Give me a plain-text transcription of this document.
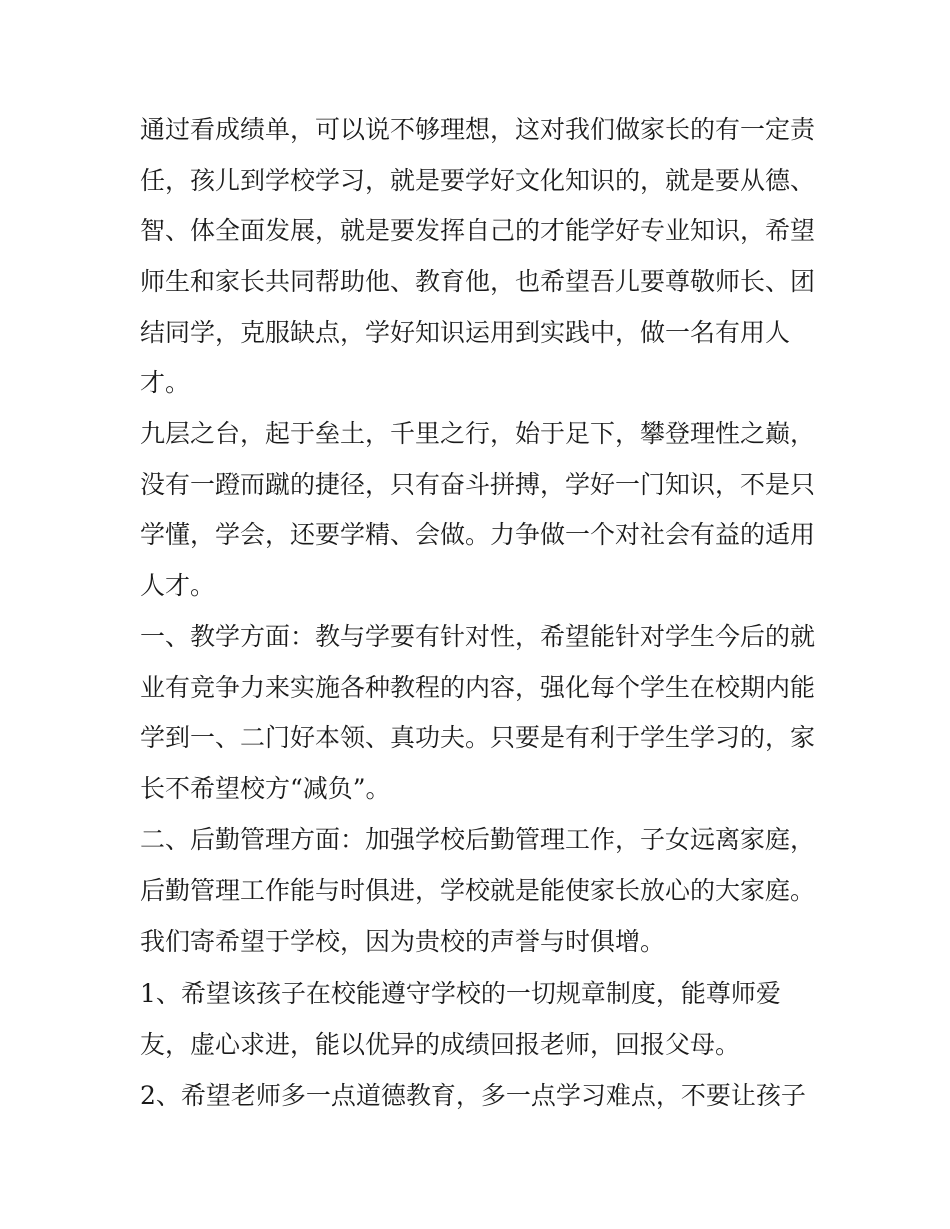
通过看成绩单，可以说不够理想，这对我们做家长的有一定责
任，孩儿到学校学习，就是要学好文化知识的，就是要从德、
智、体全面发展，就是要发挥自己的才能学好专业知识，希望
师生和家长共同帮助他、教育他，也希望吾儿要尊敬师长、团
结同学，克服缺点，学好知识运用到实践中，做一名有用人
才。
九层之台，起于垒土，千里之行，始于足下，攀登理性之巅，
没有一蹬而蹴的捷径，只有奋斗拼搏，学好一门知识，不是只
学懂，学会，还要学精、会做。力争做一个对社会有益的适用
人才。
一、教学方面：教与学要有针对性，希望能针对学生今后的就
业有竞争力来实施各种教程的内容，强化每个学生在校期内能
学到一、二门好本领、真功夫。只要是有利于学生学习的，家
长不希望校方“减负”。
二、后勤管理方面：加强学校后勤管理工作，子女远离家庭，
后勤管理工作能与时俱进，学校就是能使家长放心的大家庭。
我们寄希望于学校，因为贵校的声誉与时俱增。
1、希望该孩子在校能遵守学校的一切规章制度，能尊师爱
友，虚心求进，能以优异的成绩回报老师，回报父母。
2、希望老师多一点道德教育，多一点学习难点，不要让孩子
